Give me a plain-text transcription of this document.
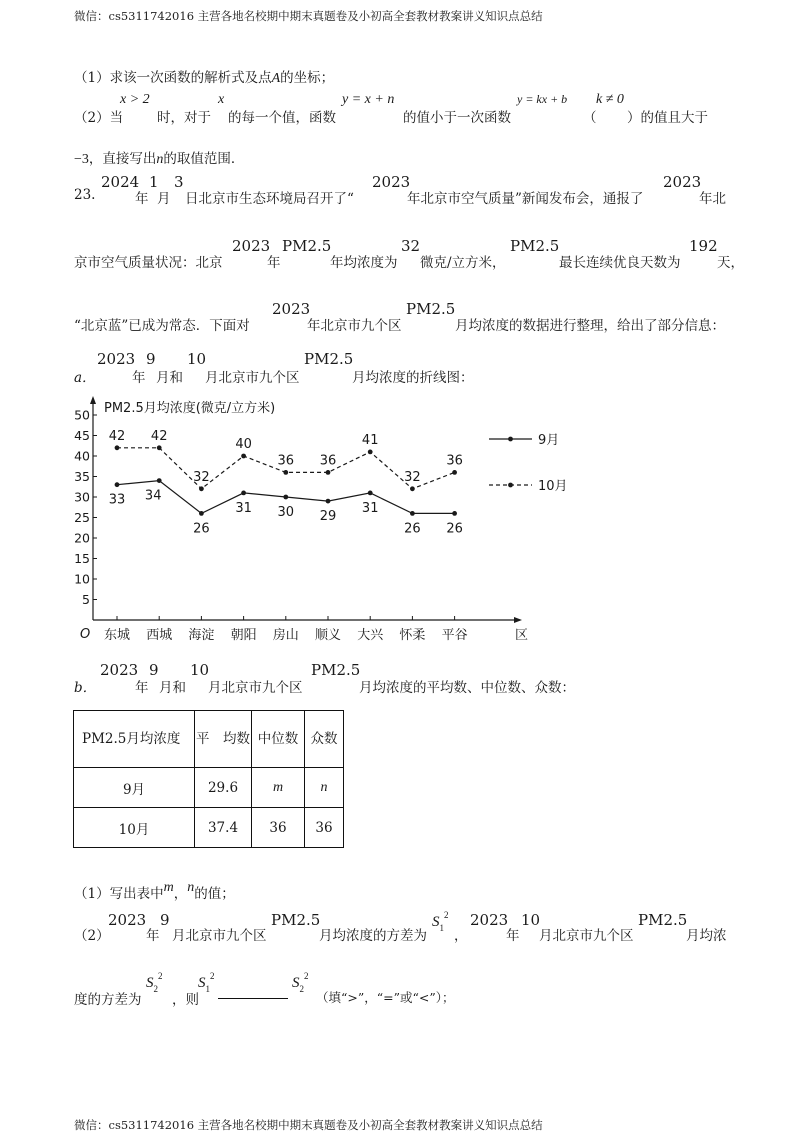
微信：cs5311742016 主营各地名校期中期末真题卷及小初高全套教材教案讲义知识点总结
（1）求该一次函数的解析式及点A的坐标；
（2）当
x > 2
时，对于
x
的每一个值，函数
y = x + n
的值小于一次函数
y = kx + b
（
k ≠ 0
）的值且大于
−3，直接写出n的取值范围．
23.
2024
年
1
月
3
日北京市生态环境局召开了“
2023
年北京市空气质量”新闻发布会，通报了
2023
年北
京市空气质量状况：北京
2023
年
PM2.5
年均浓度为
32
微克/立方米，
PM2.5
最长连续优良天数为
192
天，
“北京蓝”已成为常态．下面对
2023
年北京市九个区
PM2.5
月均浓度的数据进行整理，给出了部分信息：
a．
2023
年
9
月和
10
月北京市九个区
PM2.5
月均浓度的折线图：
PM2.5月均浓度(微克/立方米)
O	区
5
10
15
20
25
30
35
40
45
50
东城 西城 海淀 朝阳 房山 顺义 大兴 怀柔 平谷
33 34
26
31 30 29
31
26 26
42 42
32
40
36 36
41
32
36
9月
10月
b．
2023
年
9
月和
10
月北京市九个区
PM2.5
月均浓度的平均数、中位数、众数：
PM2.5月均浓度	平　均数	中位数	众数
9月	29.6	m	n
10月	37.4	36	36
（1）写出表中m，n的值；
（2）
2023
年
9
月北京市九个区
PM2.5
月均浓度的方差为
$S_1^2$
，
2023
年
10
月北京市九个区
PM2.5
月均浓
度的方差为
$S_2^2$
，则
$S_1^2$	$S_2^2$
（填“>”，“=”或“<”）；
微信：cs5311742016 主营各地名校期中期末真题卷及小初高全套教材教案讲义知识点总结
